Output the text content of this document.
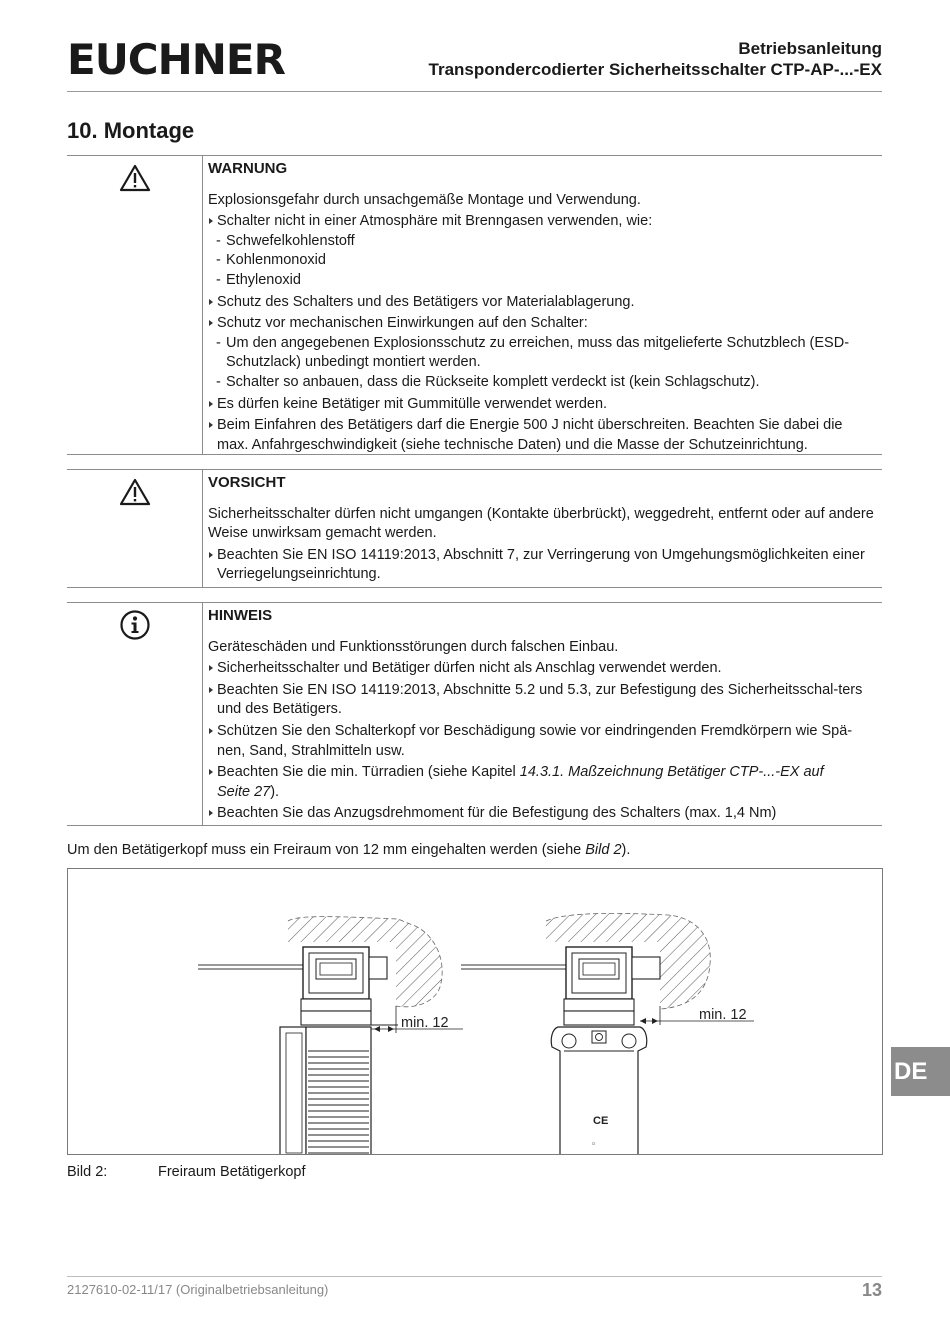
EUCHNER	Betriebsanleitung
Transpondercodierter Sicherheitsschalter CTP-AP-...-EX
10. Montage
WARNUNG
Explosionsgefahr durch unsachgemäße Montage und Verwendung.
Schalter nicht in einer Atmosphäre mit Brenngasen verwenden, wie:
- Schwefelkohlenstoff
- Kohlenmonoxid
- Ethylenoxid
Schutz des Schalters und des Betätigers vor Materialablagerung.
Schutz vor mechanischen Einwirkungen auf den Schalter:
- Um den angegebenen Explosionsschutz zu erreichen, muss das mitgelieferte Schutzblech (ESD-Schutzlack) unbedingt montiert werden.
- Schalter so anbauen, dass die Rückseite komplett verdeckt ist (kein Schlagschutz).
Es dürfen keine Betätiger mit Gummitülle verwendet werden.
Beim Einfahren des Betätigers darf die Energie 500 J nicht überschreiten. Beachten Sie dabei die max. Anfahrgeschwindigkeit (siehe technische Daten) und die Masse der Schutzeinrichtung.
VORSICHT
Sicherheitsschalter dürfen nicht umgangen (Kontakte überbrückt), weggedreht, entfernt oder auf andere Weise unwirksam gemacht werden.
Beachten Sie EN ISO 14119:2013, Abschnitt 7, zur Verringerung von Umgehungsmöglichkeiten einer Verriegelungseinrichtung.
HINWEIS
Geräteschäden und Funktionsstörungen durch falschen Einbau.
Sicherheitsschalter und Betätiger dürfen nicht als Anschlag verwendet werden.
Beachten Sie EN ISO 14119:2013, Abschnitte 5.2 und 5.3, zur Befestigung des Sicherheitsschal-ters und des Betätigers.
Schützen Sie den Schalterkopf vor Beschädigung sowie vor eindringenden Fremdkörpern wie Spä-nen, Sand, Strahlmitteln usw.
Beachten Sie die min. Türradien (siehe Kapitel 14.3.1. Maßzeichnung Betätiger CTP-...-EX auf Seite 27).
Beachten Sie das Anzugsdrehmoment für die Befestigung des Schalters (max. 1,4 Nm)
Um den Betätigerkopf muss ein Freiraum von 12 mm eingehalten werden (siehe Bild 2).
min. 12
◦
CE
min. 12
Bild 2:	Freiraum Betätigerkopf
DE
2127610-02-11/17 (Originalbetriebsanleitung)	13
